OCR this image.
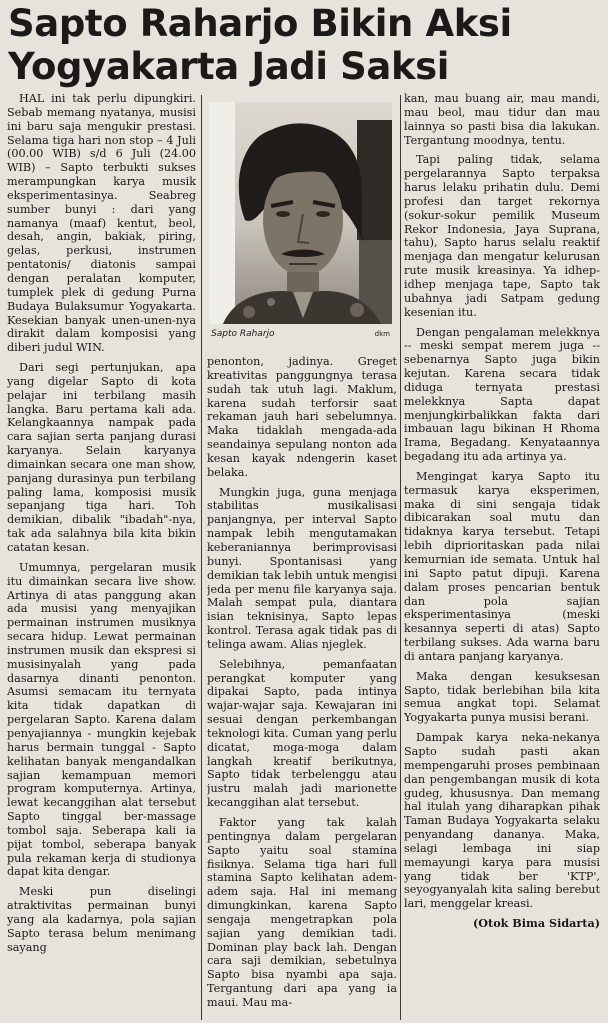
Sapto Raharjo Bikin Aksi
Yogyakarta Jadi Saksi

HAL ini tak perlu dipungkiri. Sebab memang nyatanya, musisi ini baru saja mengukir prestasi. Selama tiga hari non stop – 4 Juli (00.00 WIB) s/d 6 Juli (24.00 WIB) – Sapto terbukti sukses merampungkan karya musik eksperimentasinya. Seabreg sumber bunyi : dari yang namanya (maaf) kentut, beol, desah, angin, bakiak, piring, gelas, perkusi, instrumen pentatonis/ diatonis sampai dengan peralatan komputer, tumplek plek di gedung Purna Budaya Bulaksumur Yogyakarta. Kesekian banyak unen-unen-nya dirakit dalam komposisi yang diberi judul WIN.

Dari segi pertunjukan, apa yang digelar Sapto di kota pelajar ini terbilang masih langka. Baru pertama kali ada. Kelangkaannya nampak pada cara sajian serta panjang durasi karyanya. Selain karyanya dimainkan secara one man show, panjang durasinya pun terbilang paling lama, komposisi musik sepanjang tiga hari. Toh demikian, dibalik "ibadah"-nya, tak ada salahnya bila kita bikin catatan kesan.

Umumnya, pergelaran musik itu dimainkan secara live show. Artinya di atas panggung akan ada musisi yang menyajikan permainan instrumen musiknya secara hidup. Lewat permainan instrumen musik dan ekspresi si musisinyalah yang pada dasarnya dinanti penonton. Asumsi semacam itu ternyata kita tidak dapatkan di pergelaran Sapto. Karena dalam penyajiannya - mungkin kejebak harus bermain tunggal - Sapto kelihatan banyak mengandalkan sajian kemampuan memori program komputernya. Artinya, lewat kecanggihan alat tersebut Sapto tinggal ber-massage tombol saja. Seberapa kali ia pijat tombol, seberapa banyak pula rekaman kerja di studionya dapat kita dengar.

Meski pun diselingi atraktivitas permainan bunyi yang ala kadarnya, pola sajian Sapto terasa belum menimang sayang

Sapto Raharjo	dkm

penonton, jadinya. Greget kreativitas panggungnya terasa sudah tak utuh lagi. Maklum, karena sudah terforsir saat rekaman jauh hari sebelumnya. Maka tidaklah mengada-ada seandainya sepulang nonton ada kesan kayak ndengerin kaset belaka.

Mungkin juga, guna menjaga stabilitas musikalisasi panjangnya, per interval Sapto nampak lebih mengutamakan keberaniannya berimprovisasi bunyi. Spontanisasi yang demikian tak lebih untuk mengisi jeda per menu file karyanya saja. Malah sempat pula, diantara isian teknisinya, Sapto lepas kontrol. Terasa agak tidak pas di telinga awam. Alias njeglek.

Selebihnya, pemanfaatan perangkat komputer yang dipakai Sapto, pada intinya wajar-wajar saja. Kewajaran ini sesuai dengan perkembangan teknologi kita. Cuman yang perlu dicatat, moga-moga dalam langkah kreatif berikutnya, Sapto tidak terbelenggu atau justru malah jadi marionette kecanggihan alat tersebut.

Faktor yang tak kalah pentingnya dalam pergelaran Sapto yaitu soal stamina fisiknya. Selama tiga hari full stamina Sapto kelihatan adem-adem saja. Hal ini memang dimungkinkan, karena Sapto sengaja mengetrapkan pola sajian yang demikian tadi. Dominan play back lah. Dengan cara saji demikian, sebetulnya Sapto bisa nyambi apa saja. Tergantung dari apa yang ia maui. Mau ma-

kan, mau buang air, mau mandi, mau beol, mau tidur dan mau lainnya so pasti bisa dia lakukan. Tergantung moodnya, tentu.

Tapi paling tidak, selama pergelarannya Sapto terpaksa harus lelaku prihatin dulu. Demi profesi dan target rekornya (sokur-sokur pemilik Museum Rekor Indonesia, Jaya Suprana, tahu), Sapto harus selalu reaktif menjaga dan mengatur kelurusan rute musik kreasinya. Ya idhep-idhep menjaga tape, Sapto tak ubahnya jadi Satpam gedung kesenian itu.

Dengan pengalaman melekknya -- meski sempat merem juga -- sebenarnya Sapto juga bikin kejutan. Karena secara tidak diduga ternyata prestasi melekknya Sapta dapat menjungkirbalikkan fakta dari imbauan lagu bikinan H Rhoma Irama, Begadang. Kenyataannya begadang itu ada artinya ya.

Mengingat karya Sapto itu termasuk karya eksperimen, maka di sini sengaja tidak dibicarakan soal mutu dan tidaknya karya tersebut. Tetapi lebih diprioritaskan pada nilai kemurnian ide semata. Untuk hal ini Sapto patut dipuji. Karena dalam proses pencarian bentuk dan pola sajian eksperimentasinya (meski kesannya seperti di atas) Sapto terbilang sukses. Ada warna baru di antara panjang karyanya.

Maka dengan kesuksesan Sapto, tidak berlebihan bila kita semua angkat topi. Selamat Yogyakarta punya musisi berani.

Dampak karya neka-nekanya Sapto sudah pasti akan mempengaruhi proses pembinaan dan pengembangan musik di kota gudeg, khususnya. Dan memang hal itulah yang diharapkan pihak Taman Budaya Yogyakarta selaku penyandang dananya. Maka, selagi lembaga ini siap memayungi karya para musisi yang tidak ber 'KTP', seyogyanyalah kita saling berebut lari, menggelar kreasi.

(Otok Bima Sidarta)
